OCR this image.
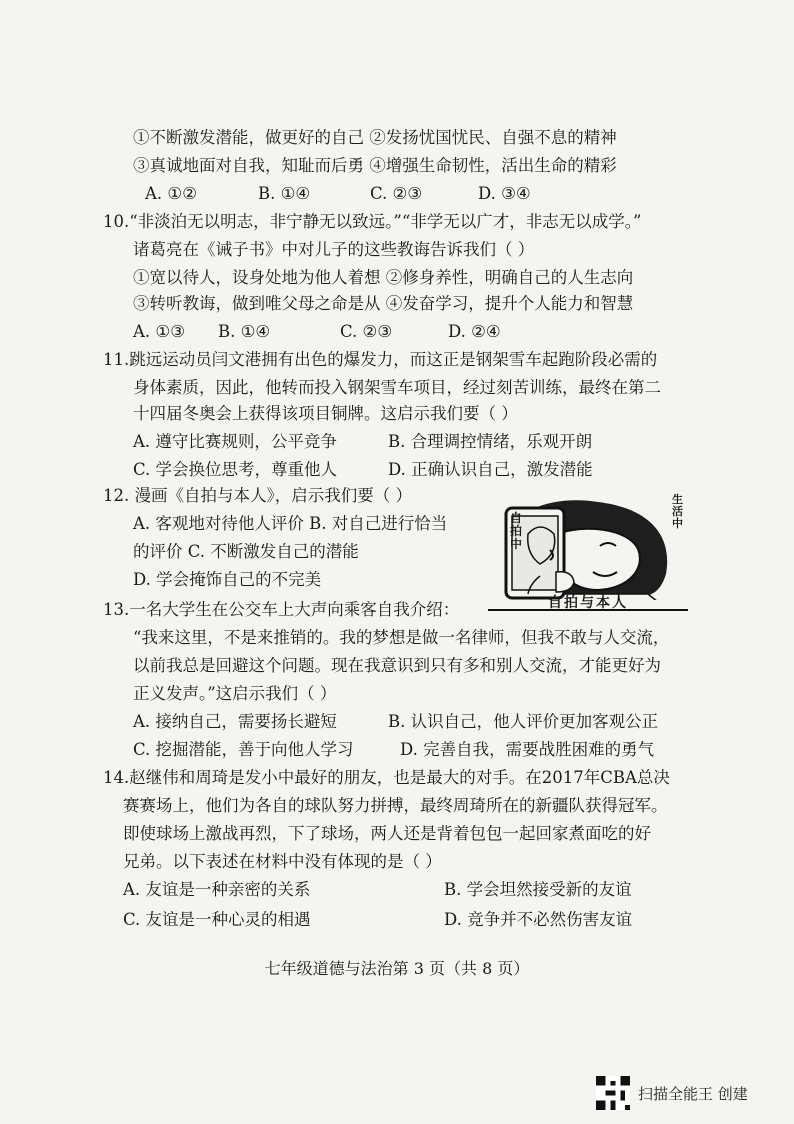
①不断激发潜能，做更好的自己 ②发扬忧国忧民、自强不息的精神
③真诚地面对自我，知耻而后勇 ④增强生命韧性，活出生命的精彩
A. ①②	B. ①④	C. ②③	D. ③④
10.“非淡泊无以明志，非宁静无以致远。”“非学无以广才，非志无以成学。”
诸葛亮在《诫子书》中对儿子的这些教诲告诉我们（ ）
①宽以待人，设身处地为他人着想 ②修身养性，明确自己的人生志向
③转听教诲，做到唯父母之命是从 ④发奋学习，提升个人能力和智慧
A. ①③ B. ①④	C. ②③	D. ②④
11.跳远运动员闫文港拥有出色的爆发力，而这正是钢架雪车起跑阶段必需的
身体素质，因此，他转而投入钢架雪车项目，经过刻苦训练，最终在第二
十四届冬奥会上获得该项目铜牌。这启示我们要（ ）
A. 遵守比赛规则，公平竞争	B. 合理调控情绪，乐观开朗
C. 学会换位思考，尊重他人	D. 正确认识自己，激发潜能
12. 漫画《自拍与本人》，启示我们要（ ）
A. 客观地对待他人评价 B. 对自己进行恰当
的评价 C. 不断激发自己的潜能
D. 学会掩饰自己的不完美
自拍中
生活中
自拍与本人
13.一名大学生在公交车上大声向乘客自我介绍：
“我来这里，不是来推销的。我的梦想是做一名律师，但我不敢与人交流，
以前我总是回避这个问题。现在我意识到只有多和别人交流，才能更好为
正义发声。”这启示我们（ ）
A. 接纳自己，需要扬长避短	B. 认识自己，他人评价更加客观公正
C. 挖掘潜能，善于向他人学习	D. 完善自我，需要战胜困难的勇气
14.赵继伟和周琦是发小中最好的朋友，也是最大的对手。在2017年CBA总决
赛赛场上，他们为各自的球队努力拼搏，最终周琦所在的新疆队获得冠军。
即使球场上激战再烈，下了球场，两人还是背着包包一起回家煮面吃的好
兄弟。以下表述在材料中没有体现的是（ ）
A. 友谊是一种亲密的关系	B. 学会坦然接受新的友谊
C. 友谊是一种心灵的相遇	D. 竞争并不必然伤害友谊
七年级道德与法治第 3 页（共 8 页）
扫描全能王 创建
